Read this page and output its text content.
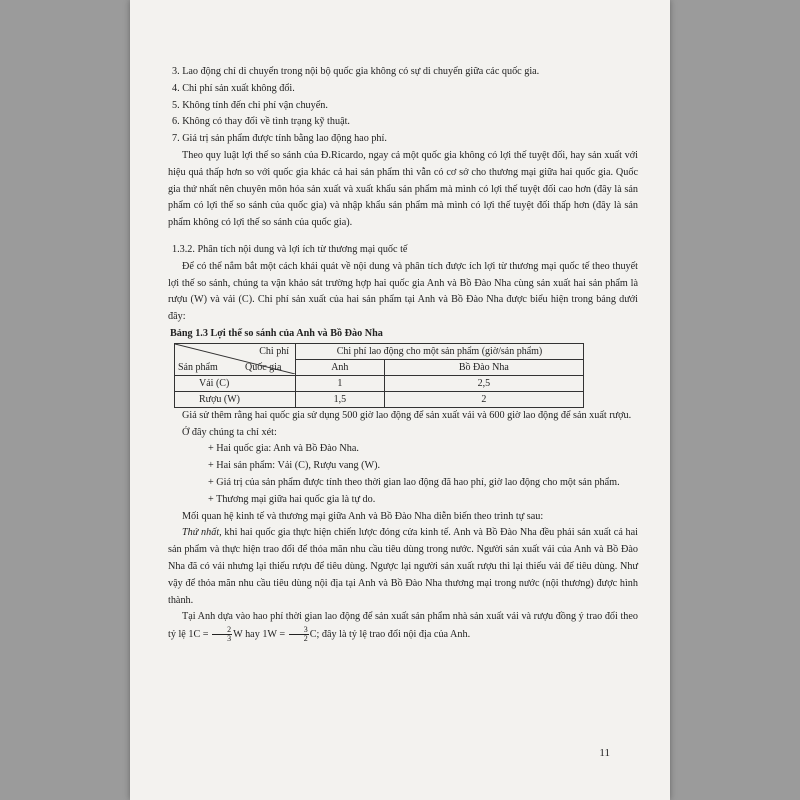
3. Lao động chỉ di chuyển trong nội bộ quốc gia không có sự di chuyển giữa các quốc gia.
4. Chi phí sản xuất không đổi.
5. Không tính đến chi phí vận chuyển.
6. Không có thay đổi về tình trạng kỹ thuật.
7. Giá trị sản phẩm được tính bằng lao động hao phí.

Theo quy luật lợi thế so sánh của Đ.Ricardo, ngay cả một quốc gia không có lợi thế tuyệt đối, hay sản xuất với hiệu quả thấp hơn so với quốc gia khác cả hai sản phẩm thì vẫn có cơ sở cho thương mại giữa hai quốc gia. Quốc gia thứ nhất nên chuyên môn hóa sản xuất và xuất khẩu sản phẩm mà mình có lợi thế tuyệt đối cao hơn (đây là sản phẩm có lợi thế so sánh của quốc gia) và nhập khẩu sản phẩm mà mình có lợi thế tuyệt đối thấp hơn (đây là sản phẩm không có lợi thế so sánh của quốc gia).

1.3.2. Phân tích nội dung và lợi ích từ thương mại quốc tế

Để có thể nắm bắt một cách khái quát về nội dung và phân tích được ích lợi từ thương mại quốc tế theo thuyết lợi thế so sánh, chúng ta vận khảo sát trường hợp hai quốc gia Anh và Bồ Đào Nha cùng sản xuất hai sản phẩm là rượu (W) và vải (C). Chi phí sản xuất của hai sản phẩm tại Anh và Bồ Đào Nha được biểu hiện trong bảng dưới đây:

Bảng 1.3 Lợi thế so sánh của Anh và Bồ Đào Nha
Chi phí
Sản phẩm Quốc gia	Chi phí lao động cho một sản phẩm (giờ/sản phẩm)	
	Anh	Bồ Đào Nha
Vải (C)	1	2,5
Rượu (W)	1,5	2

Giả sử thêm rằng hai quốc gia sử dụng 500 giờ lao động để sản xuất vải và 600 giờ lao động để sản xuất rượu.

Ở đây chúng ta chỉ xét:
+ Hai quốc gia: Anh và Bồ Đào Nha.
+ Hai sản phẩm: Vải (C), Rượu vang (W).
+ Giá trị của sản phẩm được tính theo thời gian lao động đã hao phí, giờ lao động cho một sản phẩm.
+ Thương mại giữa hai quốc gia là tự do.

Mối quan hệ kinh tế và thương mại giữa Anh và Bồ Đào Nha diễn biến theo trình tự sau:

Thứ nhất, khi hai quốc gia thực hiện chiến lược đóng cửa kinh tế. Anh và Bồ Đào Nha đều phải sản xuất cả hai sản phẩm và thực hiện trao đổi để thỏa mãn nhu cầu tiêu dùng trong nước. Người sản xuất vải của Anh và Bồ Đào Nha đã có vải nhưng lại thiếu rượu để tiêu dùng. Ngược lại người sản xuất rượu thì lại thiếu vải để tiêu dùng. Như vậy để thỏa mãn nhu cầu tiêu dùng nội địa tại Anh và Bồ Đào Nha thương mại trong nước (nội thương) được hình thành.

Tại Anh dựa vào hao phí thời gian lao động để sản xuất sản phẩm nhà sản xuất vải và rượu đồng ý trao đổi theo tỷ lệ $1C = \frac{2}{3}$ W hay $1W = \frac{3}{2} C$; đây là tỷ lệ trao đổi nội địa của Anh.

11
